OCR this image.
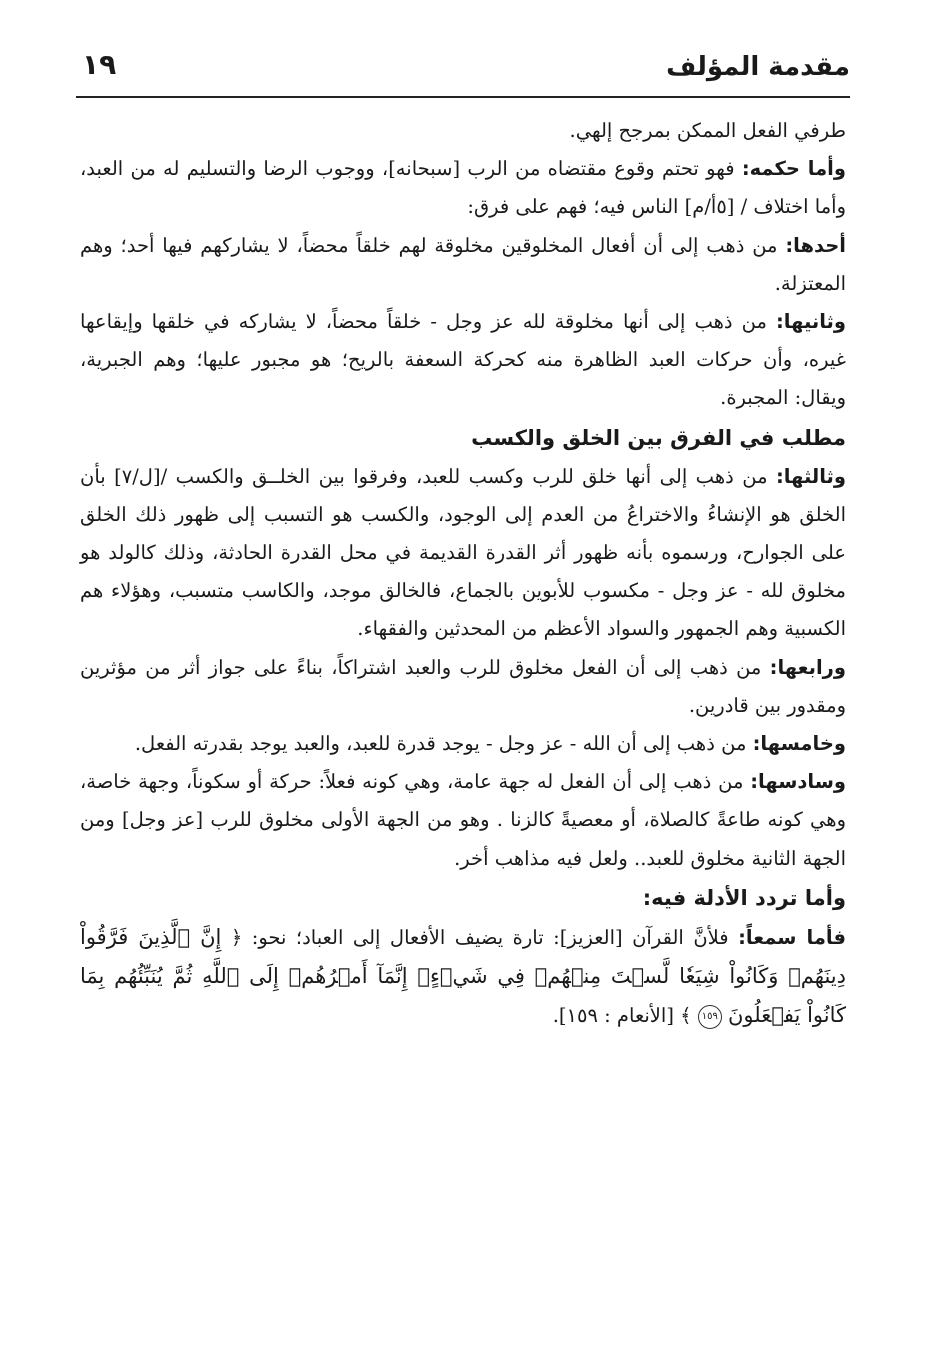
مقدمة المؤلف
١٩

طرفي الفعل الممكن بمرجح إلهي.

وأما حكمه: فهو تحتم وقوع مقتضاه من الرب [سبحانه]، ووجوب الرضا والتسليم له من العبد، وأما اختلاف / [٥أ/م] الناس فيه؛ فهم على فرق:

أحدها: من ذهب إلى أن أفعال المخلوقين مخلوقة لهم خلقاً محضاً، لا يشاركهم فيها أحد؛ وهم المعتزلة.

وثانيها: من ذهب إلى أنها مخلوقة لله عز وجل - خلقاً محضاً، لا يشاركه في خلقها وإيقاعها غيره، وأن حركات العبد الظاهرة منه كحركة السعفة بالريح؛ هو مجبور عليها؛ وهم الجبرية، ويقال: المجبرة.

مطلب في الفرق بين الخلق والكسب

وثالثها: من ذهب إلى أنها خلق للرب وكسب للعبد، وفرقوا بين الخلــق والكسب /[ل/٧] بأن الخلق هو الإنشاءُ والاختراعُ من العدم إلى الوجود، والكسب هو التسبب إلى ظهور ذلك الخلق على الجوارح، ورسموه بأنه ظهور أثر القدرة القديمة في محل القدرة الحادثة، وذلك كالولد هو مخلوق لله - عز وجل - مكسوب للأبوين بالجماع، فالخالق موجد، والكاسب متسبب، وهؤلاء هم الكسبية وهم الجمهور والسواد الأعظم من المحدثين والفقهاء.

ورابعها: من ذهب إلى أن الفعل مخلوق للرب والعبد اشتراكاً، بناءً على جواز أثر من مؤثرين ومقدور بين قادرين.

وخامسها: من ذهب إلى أن الله - عز وجل - يوجد قدرة للعبد، والعبد يوجد بقدرته الفعل.

وسادسها: من ذهب إلى أن الفعل له جهة عامة، وهي كونه فعلاً: حركة أو سكوناً، وجهة خاصة، وهي كونه طاعةً كالصلاة، أو معصيةً كالزنا . وهو من الجهة الأولى مخلوق للرب [عز وجل] ومن الجهة الثانية مخلوق للعبد.. ولعل فيه مذاهب أخر.

وأما تردد الأدلة فيه:

فأما سمعاً: فلأنَّ القرآن [العزيز]: تارة يضيف الأفعال إلى العباد؛ نحو: ﴿ إِنَّ ٱلَّذِينَ فَرَّقُواْ دِينَهُمۡ وَكَانُواْ شِيَعٗا لَّسۡتَ مِنۡهُمۡ فِي شَيۡءٍۚ إِنَّمَآ أَمۡرُهُمۡ إِلَى ٱللَّهِ ثُمَّ يُنَبِّئُهُم بِمَا كَانُواْ يَفۡعَلُونَ ١٥٩ ﴾ [الأنعام : ١٥٩].
